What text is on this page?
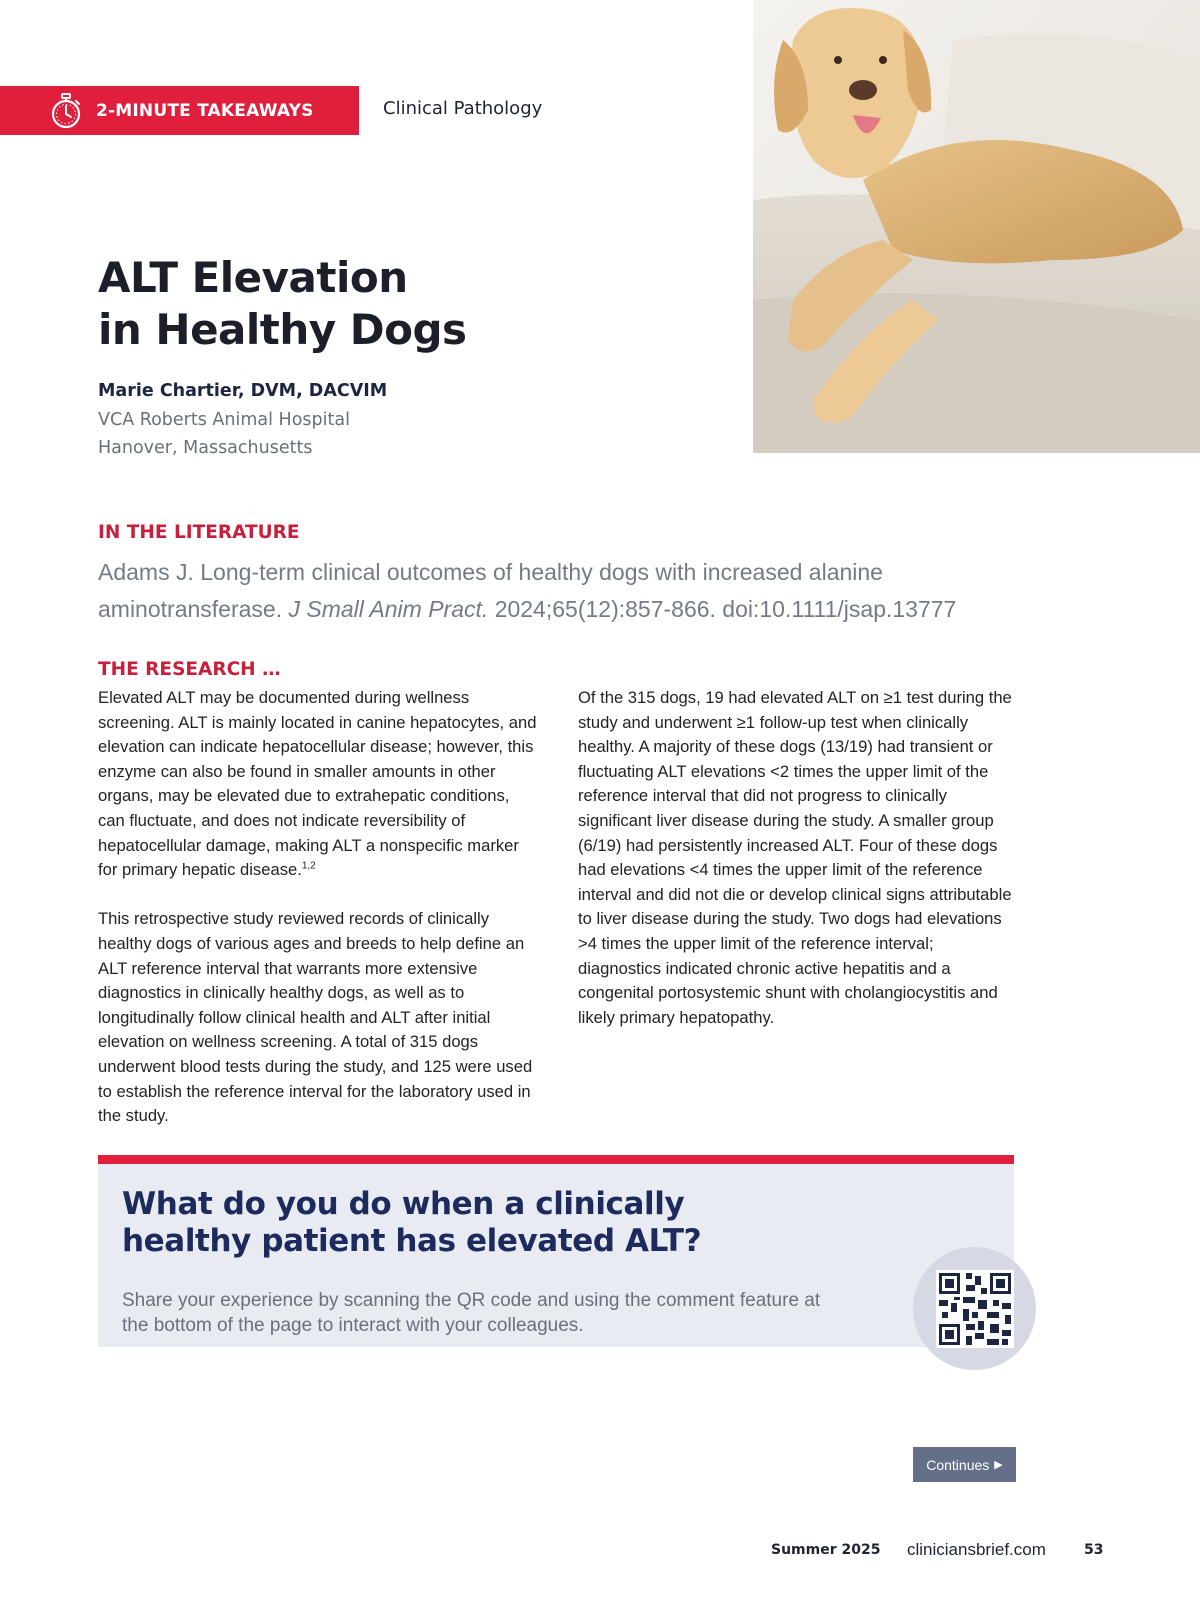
2-MINUTE TAKEAWAYS	Clinical Pathology
ALT Elevation
in Healthy Dogs
Marie Chartier, DVM, DACVIM
VCA Roberts Animal Hospital
Hanover, Massachusetts
IN THE LITERATURE
Adams J. Long-term clinical outcomes of healthy dogs with increased alanine aminotransferase. J Small Anim Pract. 2024;65(12):857-866. doi:10.1111/jsap.13777
THE RESEARCH …

Elevated ALT may be documented during wellness screening. ALT is mainly located in canine hepatocytes, and elevation can indicate hepatocellular disease; however, this enzyme can also be found in smaller amounts in other organs, may be elevated due to extrahepatic conditions, can fluctuate, and does not indicate reversibility of hepatocellular damage, making ALT a nonspecific marker for primary hepatic disease.$^{1,2}$

This retrospective study reviewed records of clinically healthy dogs of various ages and breeds to help define an ALT reference interval that warrants more extensive diagnostics in clinically healthy dogs, as well as to longitudinally follow clinical health and ALT after initial elevation on wellness screening. A total of 315 dogs underwent blood tests during the study, and 125 were used to establish the reference interval for the laboratory used in the study.

Of the 315 dogs, 19 had elevated ALT on ≥1 test during the study and underwent ≥1 follow-up test when clinically healthy. A majority of these dogs (13/19) had transient or fluctuating ALT elevations <2 times the upper limit of the reference interval that did not progress to clinically significant liver disease during the study. A smaller group (6/19) had persistently increased ALT. Four of these dogs had elevations <4 times the upper limit of the reference interval and did not die or develop clinical signs attributable to liver disease during the study. Two dogs had elevations >4 times the upper limit of the reference interval; diagnostics indicated chronic active hepatitis and a congenital portosystemic shunt with cholangiocystitis and likely primary hepatopathy.

What do you do when a clinically healthy patient has elevated ALT?
Share your experience by scanning the QR code and using the comment feature at the bottom of the page to interact with your colleagues.
Continues ▶
Summer 2025 cliniciansbrief.com	53
